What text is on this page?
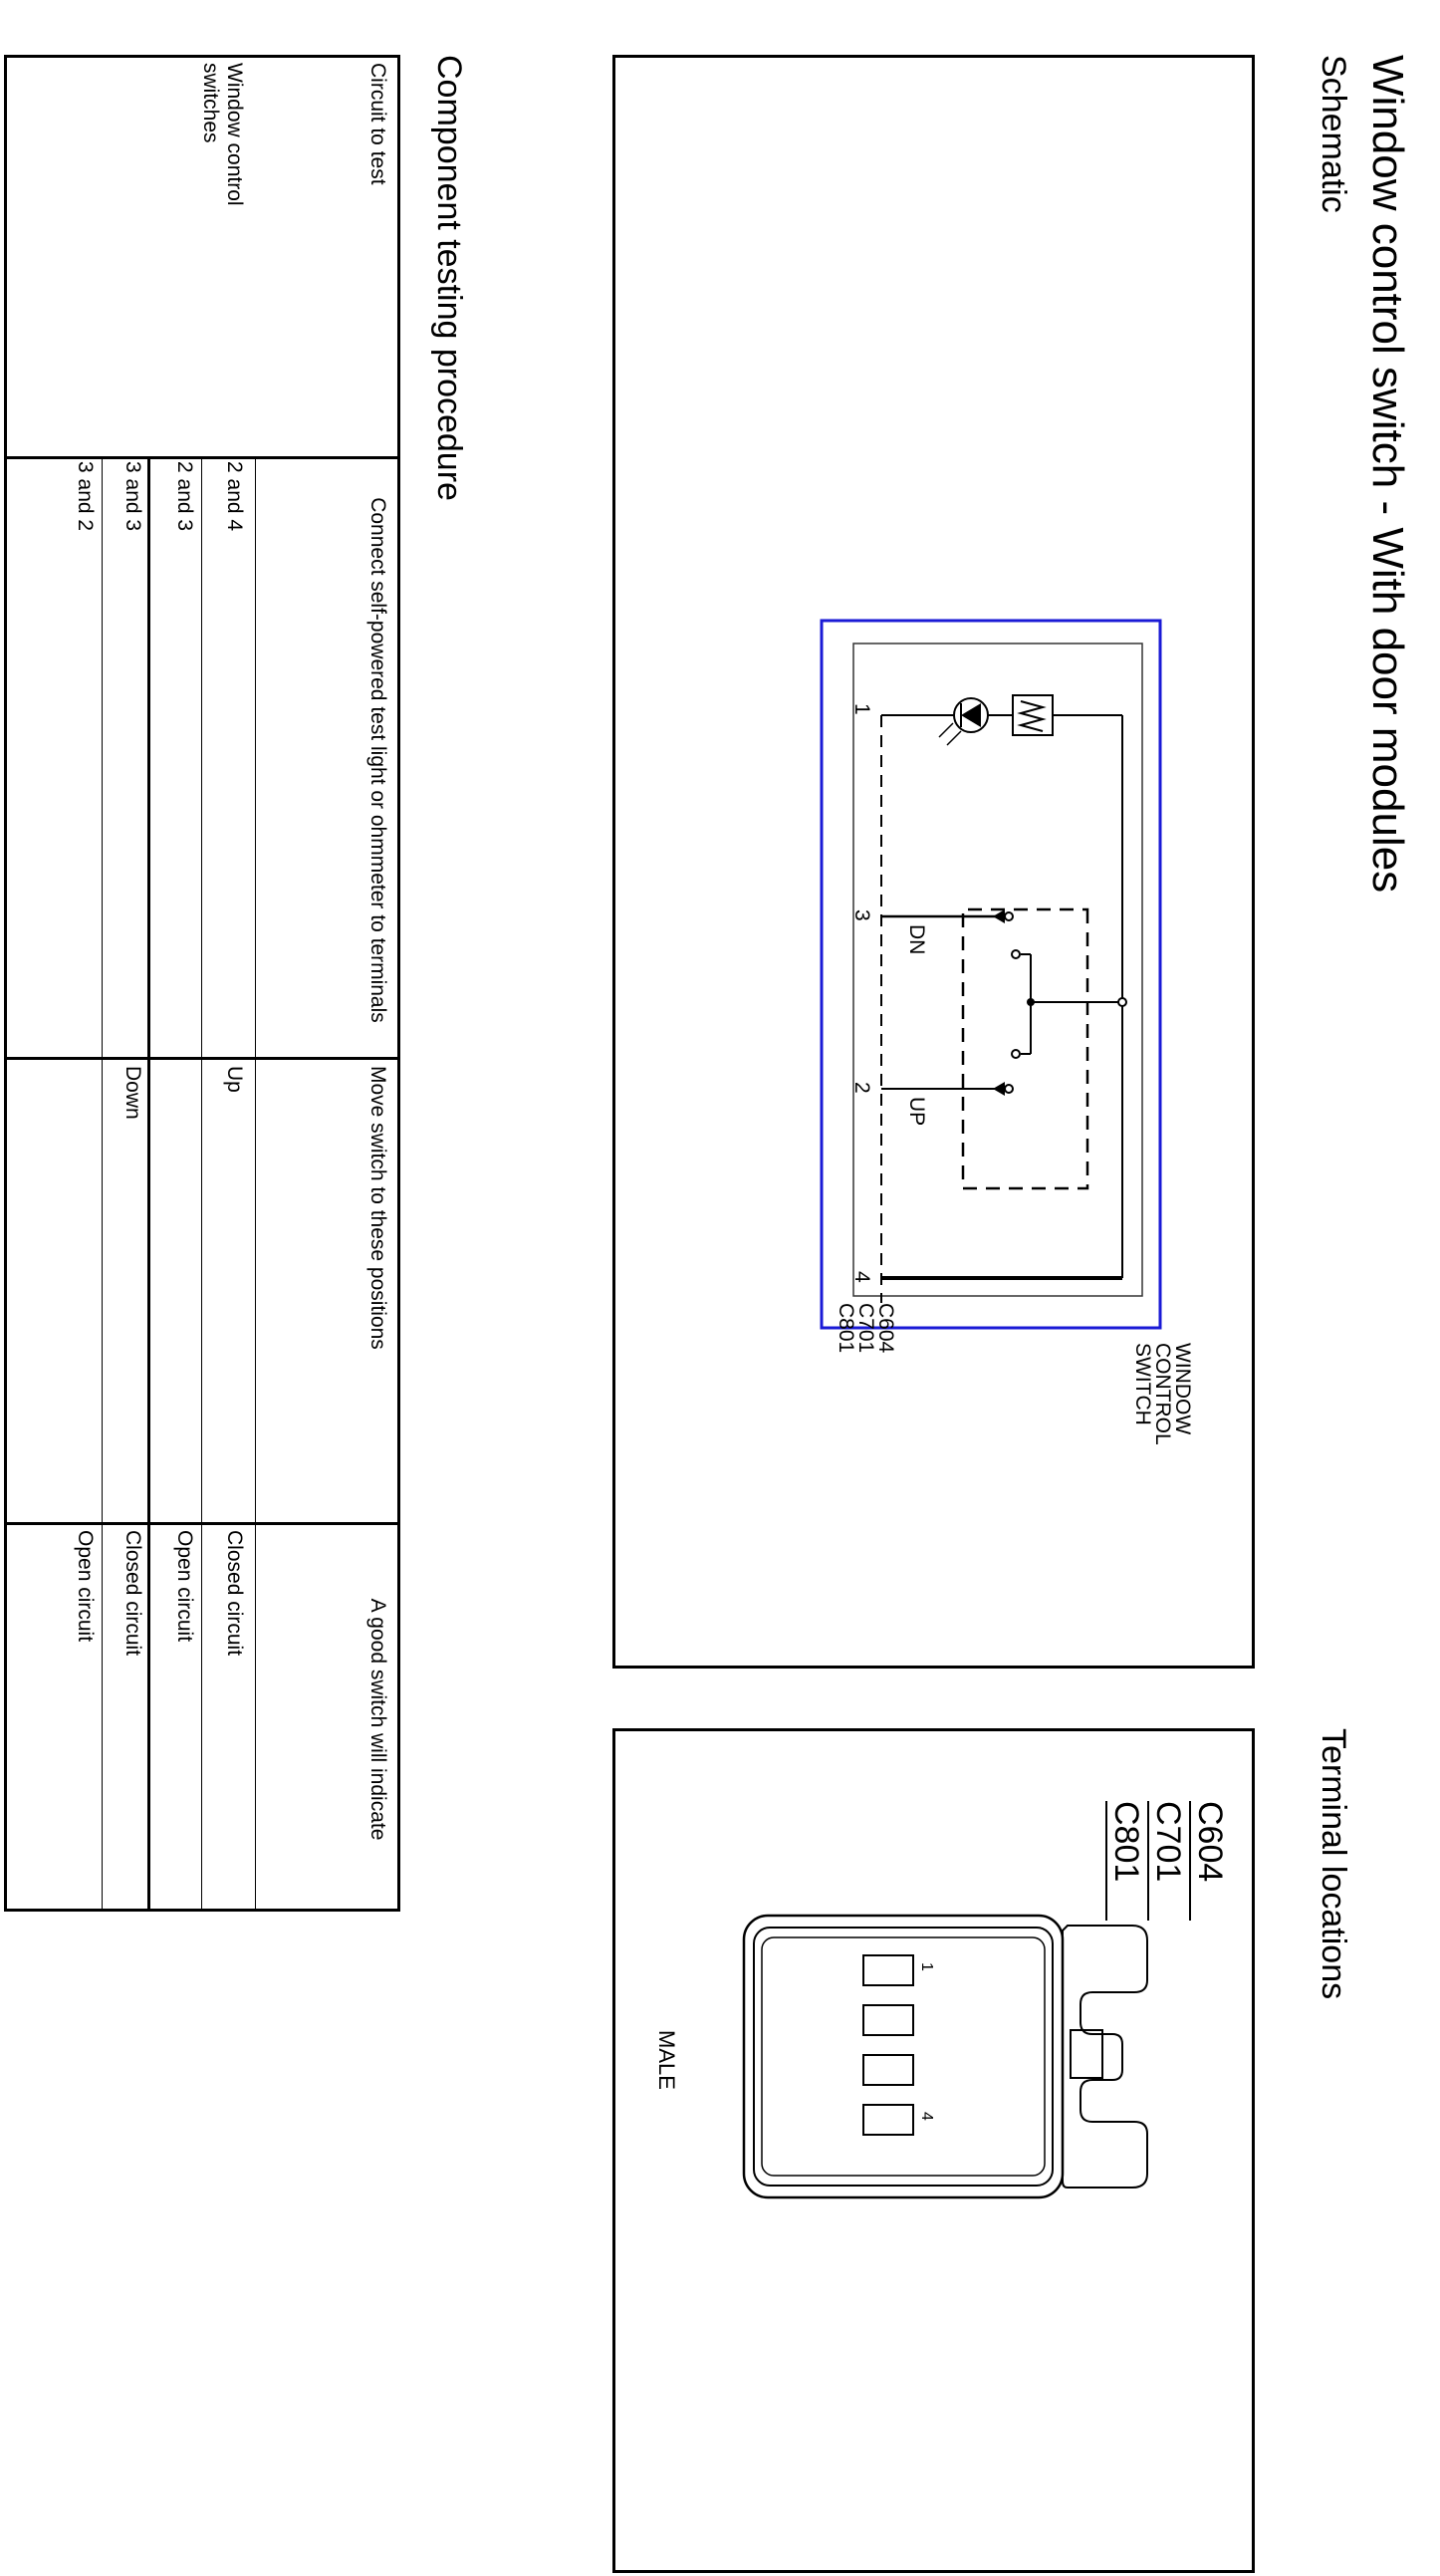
Window control switch - With door modules
Schematic
1
3
2
4
DN
UP
C604
C701
C801
WINDOW
CONTROL
SWITCH
Terminal locations
C604
C701
C801
1
4
MALE
Component testing procedure
Circuit to test
Connect self-powered test light or ohmmeter to terminals
Move switch to these positions
A good switch will indicate
Window control switches
2 and 4
2 and 3
Up
Closed circuit
Open circuit
3 and 3
3 and 2
Down
Closed circuit
Open circuit
